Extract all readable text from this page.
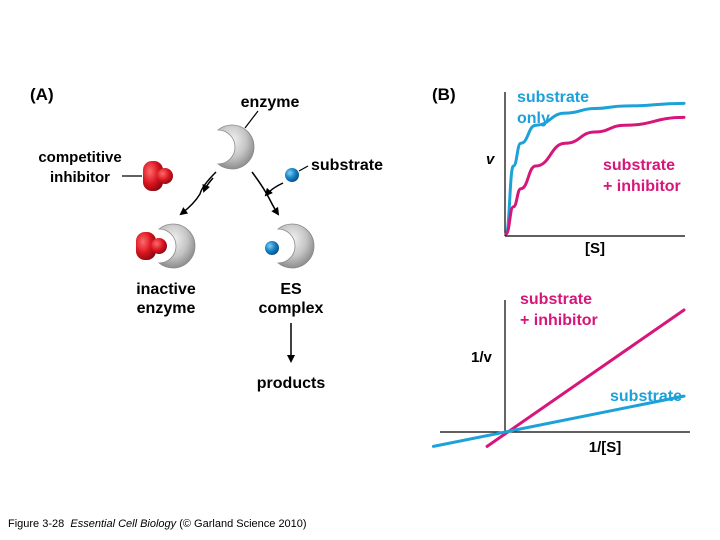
(A)	enzyme
competitive
inhibitor
substrate
inactive
enzyme
ES
complex
products
(B)
v
[S]
substrate
only
substrate
+ inhibitor
1/v
1/[S]
substrate
+ inhibitor
substrate
Figure 3-28 Essential Cell Biology (© Garland Science 2010)
